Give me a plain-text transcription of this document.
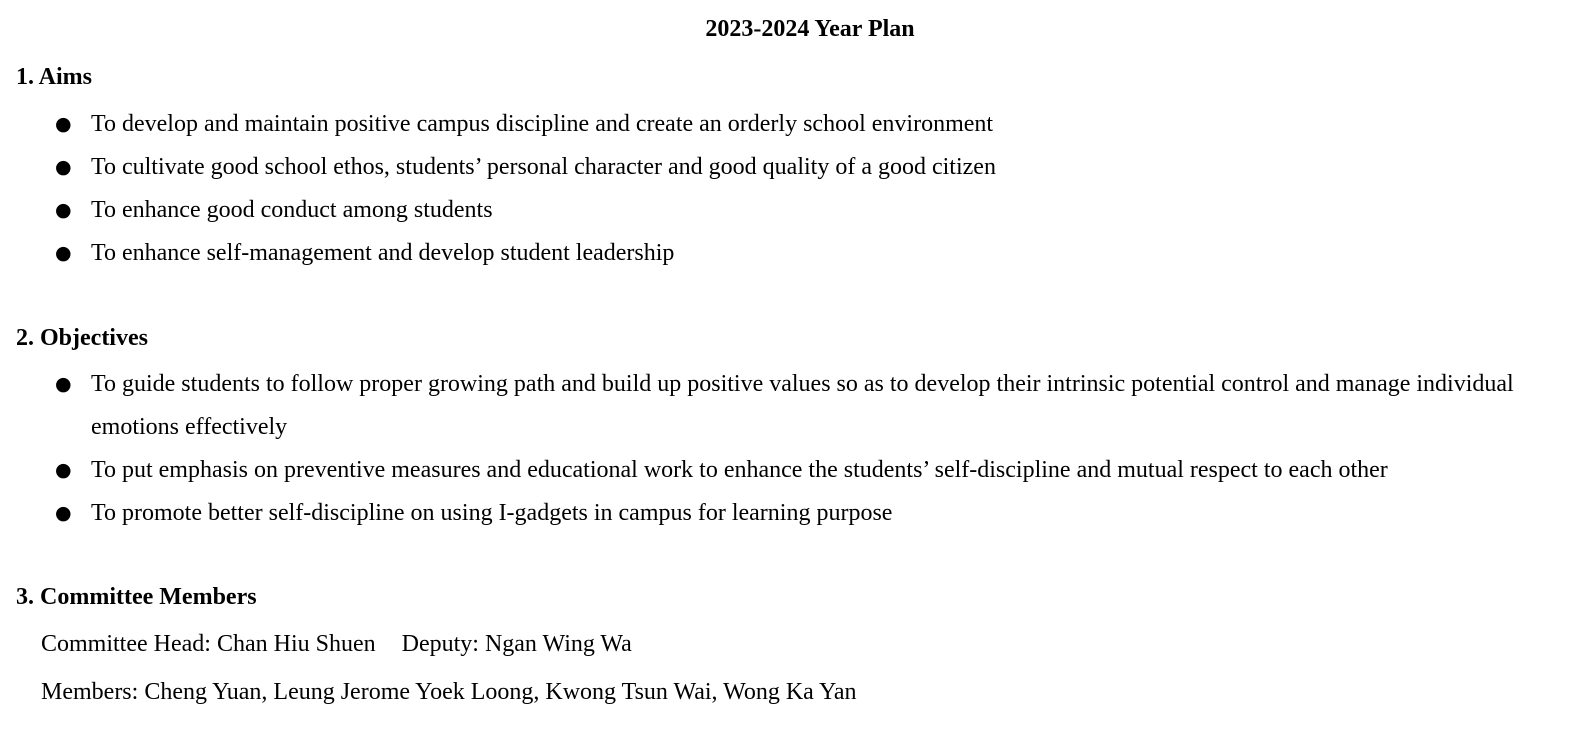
2023-2024 Year Plan
1. Aims
● To develop and maintain positive campus discipline and create an orderly school environment
● To cultivate good school ethos, students’ personal character and good quality of a good citizen
● To enhance good conduct among students
● To enhance self-management and develop student leadership
2. Objectives
● To guide students to follow proper growing path and build up positive values so as to develop their intrinsic potential control and manage individual emotions effectively
● To put emphasis on preventive measures and educational work to enhance the students’ self-discipline and mutual respect to each other
● To promote better self-discipline on using I-gadgets in campus for learning purpose
3. Committee Members
Committee Head: Chan Hiu Shuen Deputy: Ngan Wing Wa
Members: Cheng Yuan, Leung Jerome Yoek Loong, Kwong Tsun Wai, Wong Ka Yan
